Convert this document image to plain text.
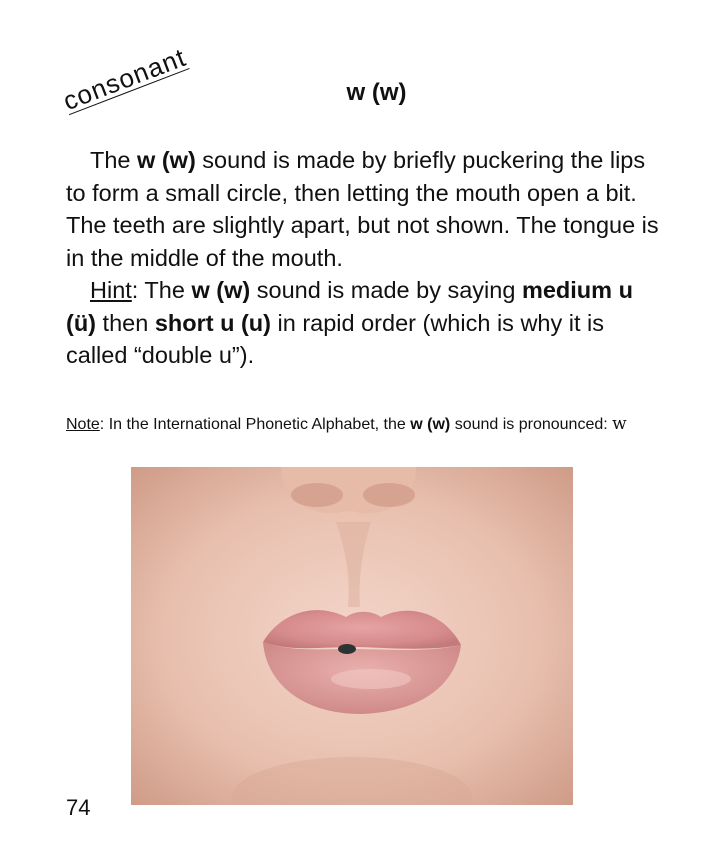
consonant	w (w)

The w (w) sound is made by briefly puckering the lips to form a small circle, then letting the mouth open a bit. The teeth are slightly apart, but not shown. The tongue is in the middle of the mouth.

Hint: The w (w) sound is made by saying medium u (ü) then short u (u) in rapid order (which is why it is called “double u”).

Note: In the International Phonetic Alphabet, the w (w) sound is pronounced: w
74
